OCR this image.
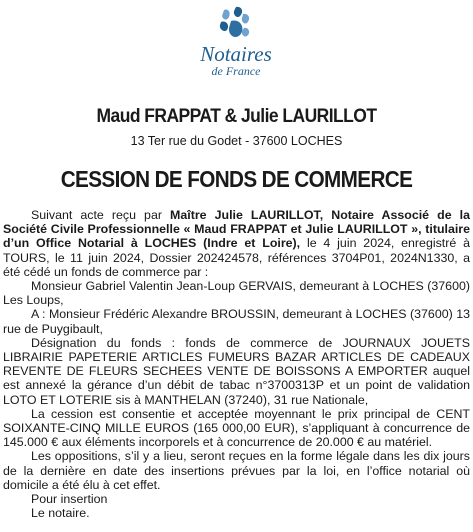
Notaires
de France
Maud FRAPPAT & Julie LAURILLOT
13 Ter rue du Godet - 37600 LOCHES
CESSION DE FONDS DE COMMERCE

Suivant acte reçu par Maître Julie LAURILLOT, Notaire Associé de la Société Civile Professionnelle « Maud FRAPPAT et Julie LAURILLOT », titulaire d’un Office Notarial à LOCHES (Indre et Loire), le 4 juin 2024, enregistré à TOURS, le 11 juin 2024, Dossier 202424578, références 3704P01, 2024N1330, a été cédé un fonds de commerce par :

Monsieur Gabriel Valentin Jean-Loup GERVAIS, demeurant à LOCHES (37600) Les Loups,

A : Monsieur Frédéric Alexandre BROUSSIN, demeurant à LOCHES (37600) 13 rue de Puygibault,

Désignation du fonds : fonds de commerce de JOURNAUX JOUETS LIBRAIRIE PAPETERIE ARTICLES FUMEURS BAZAR ARTICLES DE CADEAUX REVENTE DE FLEURS SECHEES VENTE DE BOISSONS A EMPORTER auquel est annexé la gérance d’un débit de tabac n°3700313P et un point de validation LOTO ET LOTERIE sis à MANTHELAN (37240), 31 rue Nationale,

La cession est consentie et acceptée moyennant le prix principal de CENT SOIXANTE-CINQ MILLE EUROS (165 000,00 EUR), s’appliquant à concurrence de 145.000 € aux éléments incorporels et à concurrence de 20.000 € au matériel.

Les oppositions, s’il y a lieu, seront reçues en la forme légale dans les dix jours de la dernière en date des insertions prévues par la loi, en l’office notarial où domicile a été élu à cet effet.

Pour insertion

Le notaire.
